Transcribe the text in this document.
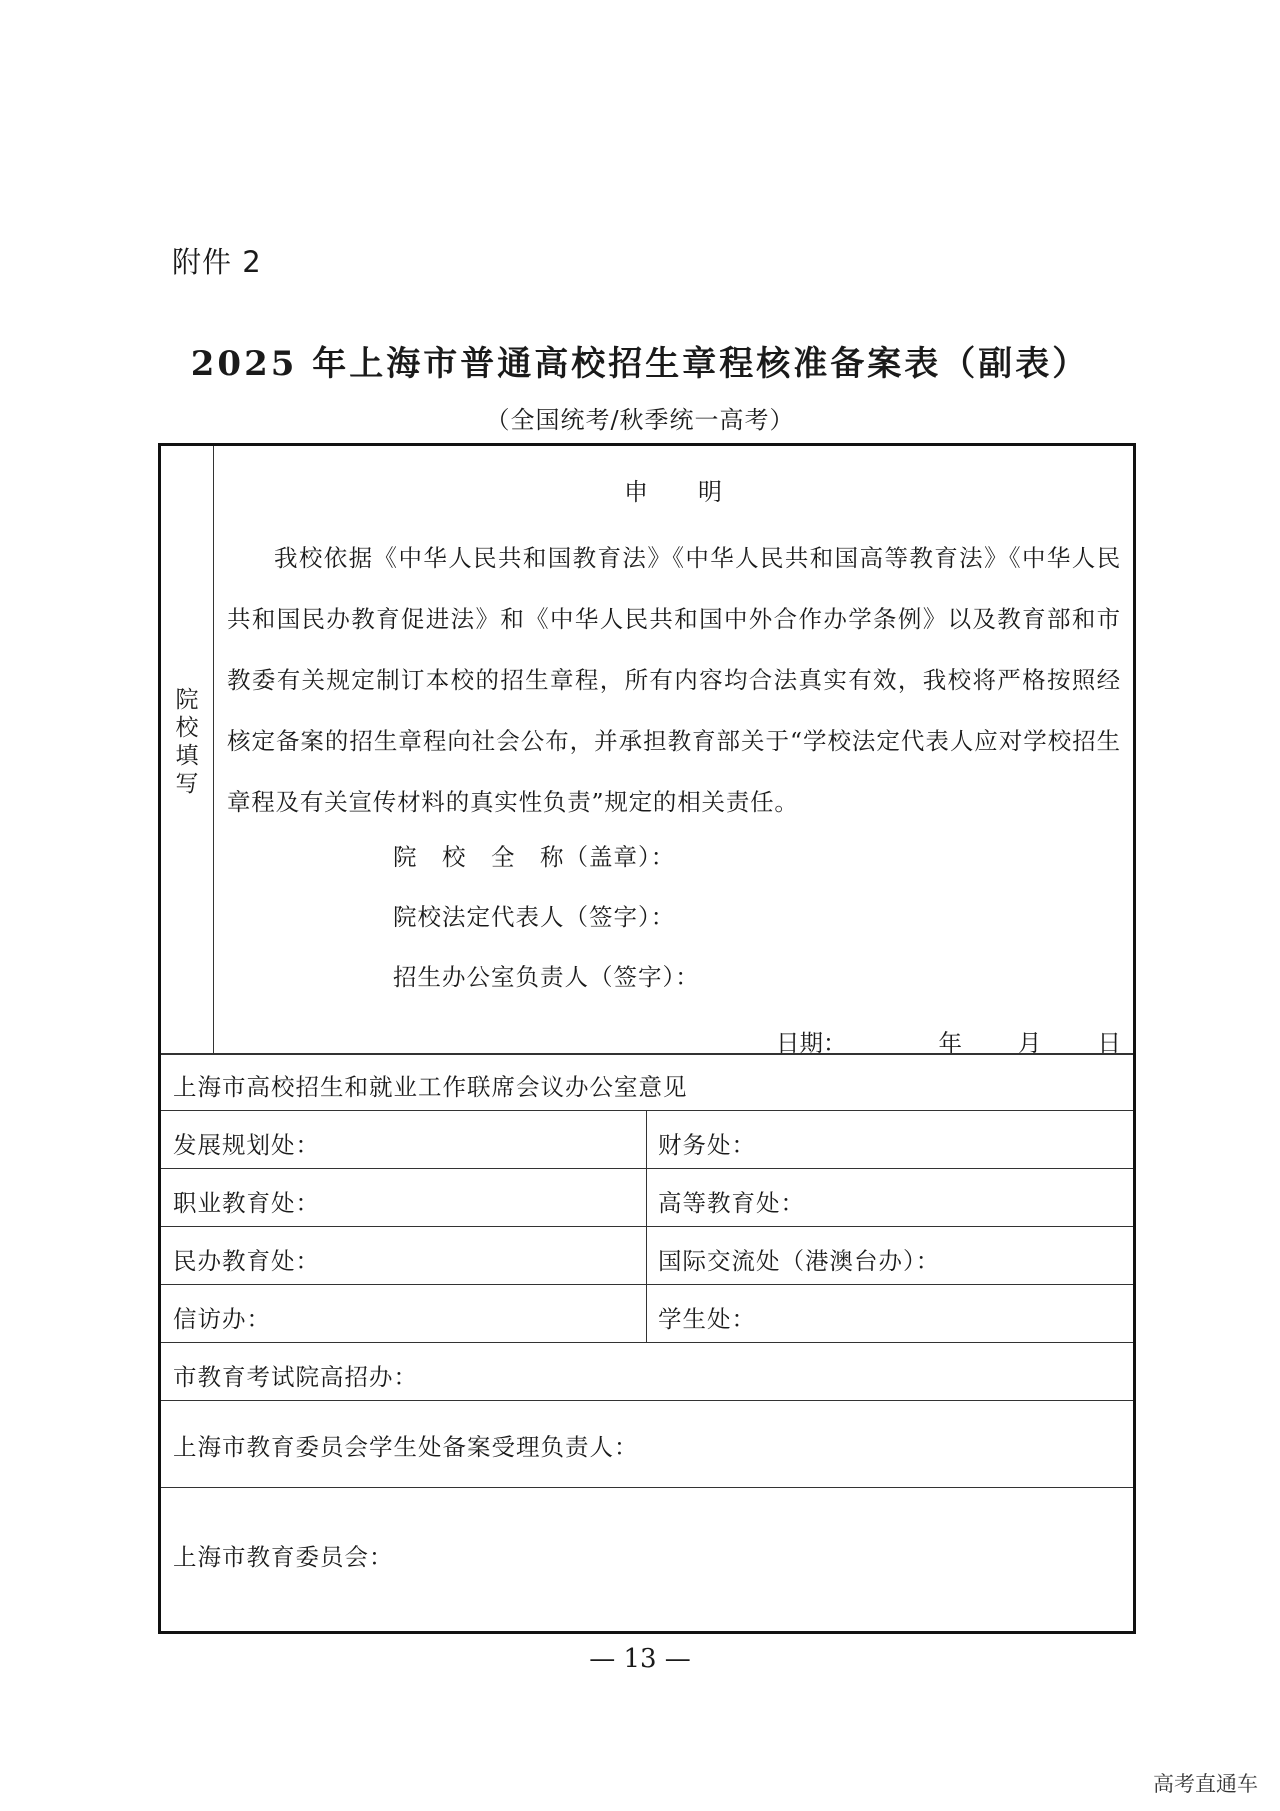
附件 2
2025 年上海市普通高校招生章程核准备案表（副表）
（全国统考/秋季统一高考）
院
校
填
写
申明
我校依据《中华人民共和国教育法》《中华人民共和国高等教育法》《中华人民共和国民办教育促进法》和《中华人民共和国中外合作办学条例》以及教育部和市教委有关规定制订本校的招生章程，所有内容均合法真实有效，我校将严格按照经核定备案的招生章程向社会公布，并承担教育部关于“学校法定代表人应对学校招生章程及有关宣传材料的真实性负责”规定的相关责任。
院　校　全　称（盖章）：
院校法定代表人（签字）：
招生办公室负责人（签字）：
日期：	年 月 日
上海市高校招生和就业工作联席会议办公室意见
发展规划处：	财务处：
职业教育处：	高等教育处：
民办教育处：	国际交流处（港澳台办）：
信访办：	学生处：
市教育考试院高招办：
上海市教育委员会学生处备案受理负责人：
上海市教育委员会：
— 13 —
高考直通车
